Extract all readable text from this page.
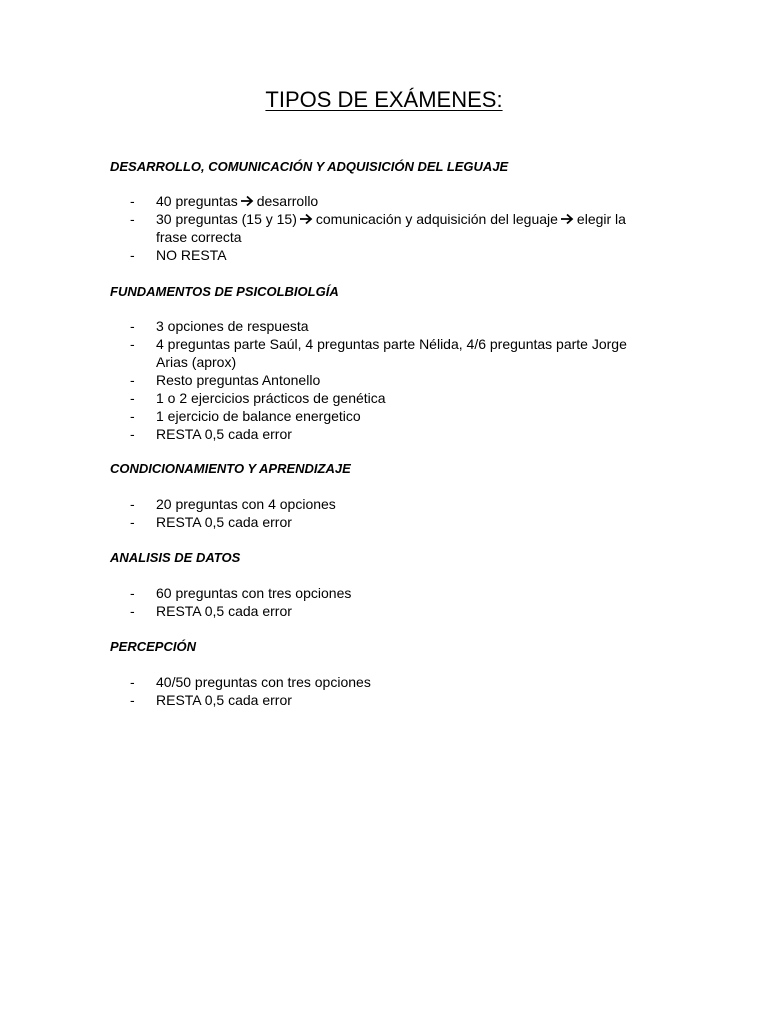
TIPOS DE EXÁMENES:
DESARROLLO, COMUNICACIÓN Y ADQUISICIÓN DEL LEGUAJE
-	40 preguntas desarrollo
-	30 preguntas (15 y 15) comunicación y adquisición del leguaje elegir la
frase correcta
-	NO RESTA
FUNDAMENTOS DE PSICOLBIOLGÍA
-	3 opciones de respuesta
-	4 preguntas parte Saúl, 4 preguntas parte Nélida, 4/6 preguntas parte Jorge
Arias (aprox)
-	Resto preguntas Antonello
-	1 o 2 ejercicios prácticos de genética
-	1 ejercicio de balance energetico
-	RESTA 0,5 cada error
CONDICIONAMIENTO Y APRENDIZAJE
-	20 preguntas con 4 opciones
-	RESTA 0,5 cada error
ANALISIS DE DATOS
-	60 preguntas con tres opciones
-	RESTA 0,5 cada error
PERCEPCIÓN
-	40/50 preguntas con tres opciones
-	RESTA 0,5 cada error
